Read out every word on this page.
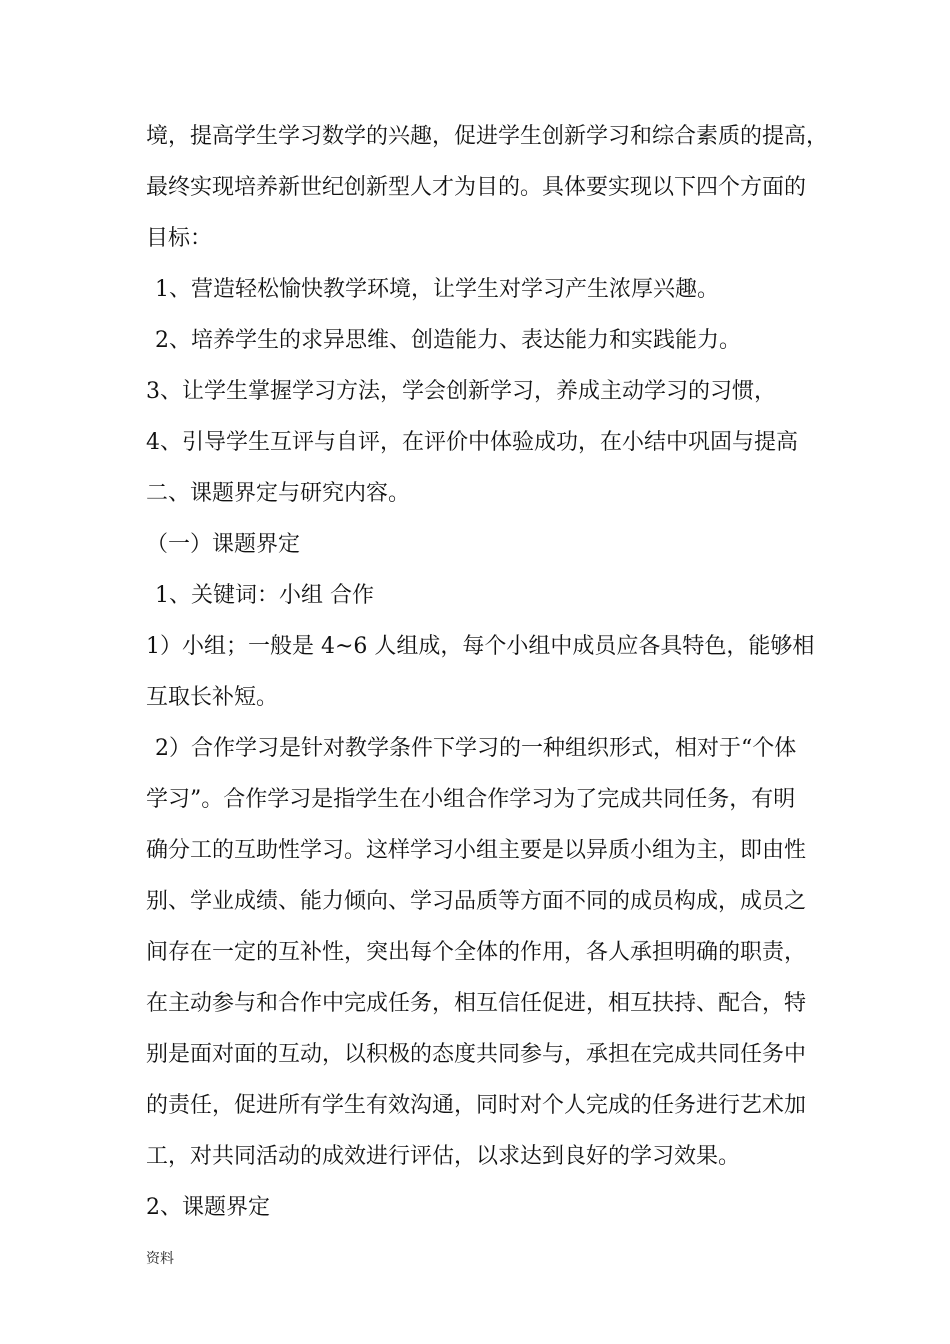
境，提高学生学习数学的兴趣，促进学生创新学习和综合素质的提高，
最终实现培养新世纪创新型人才为目的。具体要实现以下四个方面的
目标：
1、营造轻松愉快教学环境，让学生对学习产生浓厚兴趣。
2、培养学生的求异思维、创造能力、表达能力和实践能力。
3、让学生掌握学习方法，学会创新学习，养成主动学习的习惯，
4、引导学生互评与自评，在评价中体验成功，在小结中巩固与提高
二、课题界定与研究内容。
（一）课题界定
1、关键词：小组 合作
1）小组；一般是 4~6 人组成，每个小组中成员应各具特色，能够相
互取长补短。
2）合作学习是针对教学条件下学习的一种组织形式，相对于“个体
学习”。合作学习是指学生在小组合作学习为了完成共同任务，有明
确分工的互助性学习。这样学习小组主要是以异质小组为主，即由性
别、学业成绩、能力倾向、学习品质等方面不同的成员构成，成员之
间存在一定的互补性，突出每个全体的作用，各人承担明确的职责，
在主动参与和合作中完成任务，相互信任促进，相互扶持、配合，特
别是面对面的互动，以积极的态度共同参与，承担在完成共同任务中
的责任，促进所有学生有效沟通，同时对个人完成的任务进行艺术加
工，对共同活动的成效进行评估，以求达到良好的学习效果。
2、课题界定
资料
